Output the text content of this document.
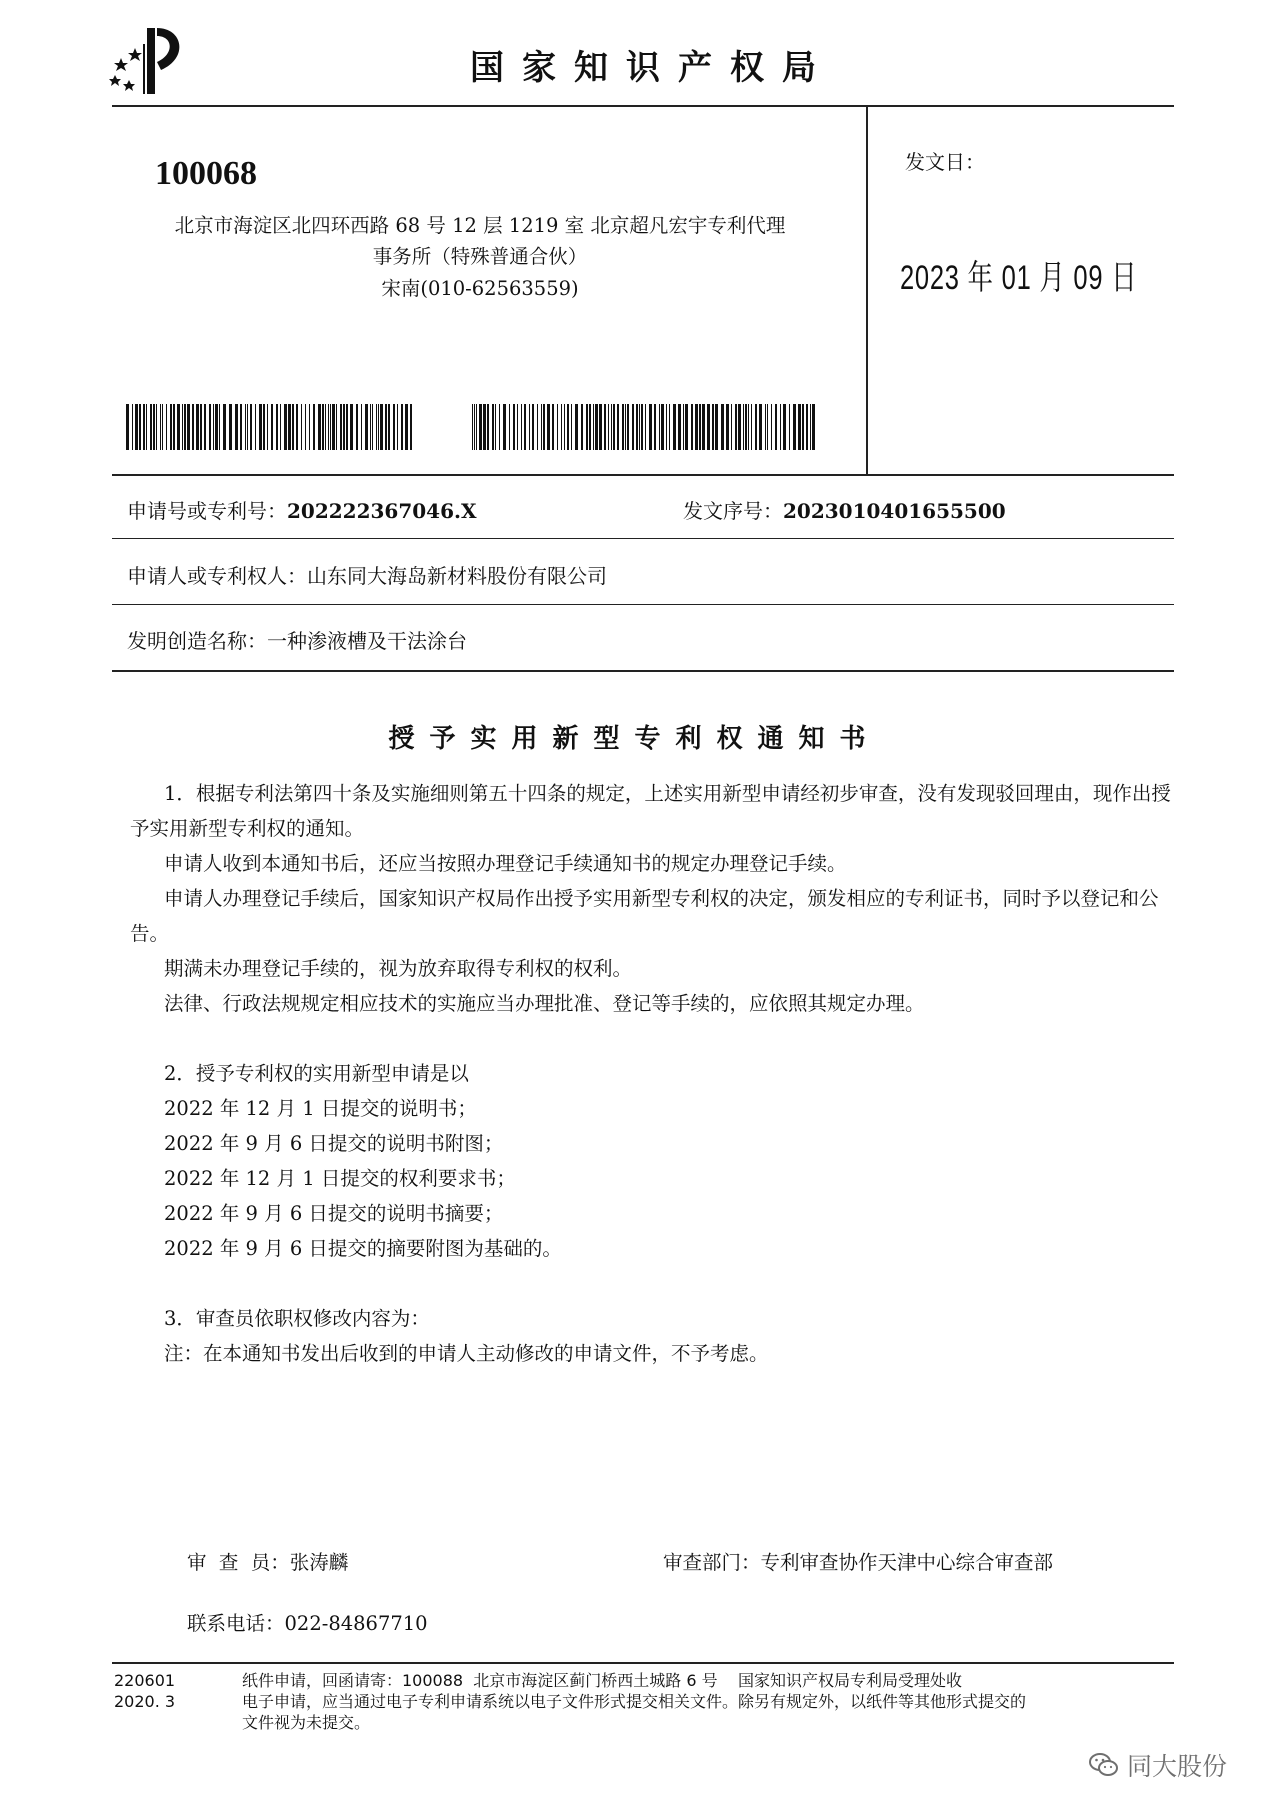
国家知识产权局
100068
北京市海淀区北四环西路 68 号 12 层 1219 室 北京超凡宏宇专利代理
事务所（特殊普通合伙）
宋南(010-62563559)
发文日：
2023 年 01 月 09 日
申请号或专利号：202222367046.X	发文序号：2023010401655500
申请人或专利权人：山东同大海岛新材料股份有限公司
发明创造名称：一种渗液槽及干法涂台
授予实用新型专利权通知书

1．根据专利法第四十条及实施细则第五十四条的规定，上述实用新型申请经初步审查，没有发现驳回理由，现作出授予实用新型专利权的通知。

申请人收到本通知书后，还应当按照办理登记手续通知书的规定办理登记手续。

申请人办理登记手续后，国家知识产权局作出授予实用新型专利权的决定，颁发相应的专利证书，同时予以登记和公告。

期满未办理登记手续的，视为放弃取得专利权的权利。

法律、行政法规规定相应技术的实施应当办理批准、登记等手续的，应依照其规定办理。

2．授予专利权的实用新型申请是以

2022 年 12 月 1 日提交的说明书；

2022 年 9 月 6 日提交的说明书附图；

2022 年 12 月 1 日提交的权利要求书；

2022 年 9 月 6 日提交的说明书摘要；

2022 年 9 月 6 日提交的摘要附图为基础的。

3．审查员依职权修改内容为：

注：在本通知书发出后收到的申请人主动修改的申请文件，不予考虑。

审  查  员：张涛麟	审查部门：专利审查协作天津中心综合审查部
联系电话：022-84867710
220601
2020. 3
纸件申请，回函请寄：100088  北京市海淀区蓟门桥西土城路 6 号    国家知识产权局专利局受理处收
电子申请，应当通过电子专利申请系统以电子文件形式提交相关文件。除另有规定外，以纸件等其他形式提交的
文件视为未提交。
同大股份
